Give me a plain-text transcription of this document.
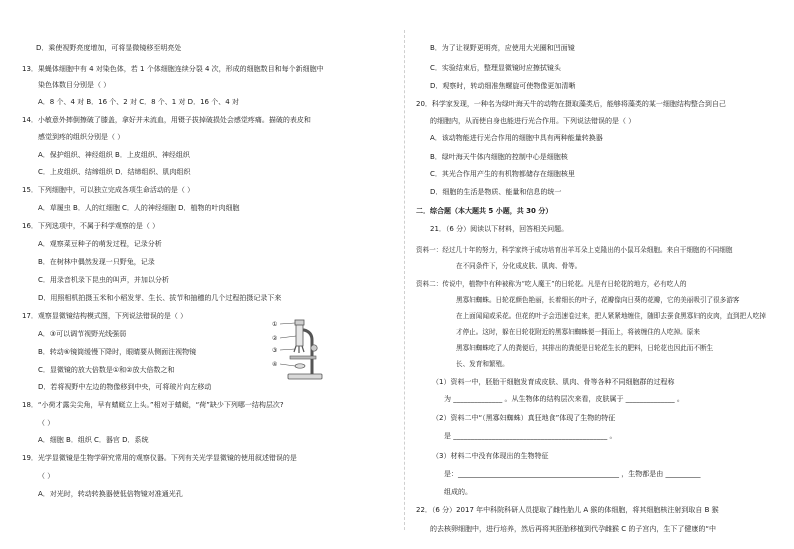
D．乘使视野亮度增加，可将显微镜移至明亮处
13．果蝇体细胞中有 4 对染色体，若 1 个体细胞连续分裂 4 次，形成的细胞数目和每个新细胞中
染色体数目分别是（ ）
A．8 个、4 对 B．16 个、2 对 C．8 个、1 对 D．16 个、4 对
14．小敏意外摔倒擦破了膝盖，拿好并未流血，用镊子拔掉破损处会感觉疼痛。描破的表皮和
感觉到疼的组织分别是（ ）
A．保护组织、神经组织 B．上皮组织、神经组织
C．上皮组织、结缔组织 D．结缔组织、肌肉组织
15．下列细胞中，可以独立完成各项生命活动的是（ ）
A．草履虫 B．人的红细胞 C．人的神经细胞 D．植物的叶肉细胞
16．下列选项中，不属于科学观察的是（ ）
A．观察菜豆种子的萌发过程，记录分析
B．在树林中偶然发现一只野兔，记录
C．用录音机录下昆虫的叫声，并加以分析
D．用照相机拍摄玉米和小稻发芽、生长、拔节和抽穗的几个过程拍摄记录下来
17．观察显微镜结构模式图，下列说法错误的是（ ）
A．③可以调节视野光线强弱
B．转动⑥镜筒缓慢下降时，眼睛要从侧面注视物镜
C．显微镜的放大倍数是①和②放大倍数之和
D．若将视野中左边的物像移到中央，可将玻片向左移动
18．“小荷才露尖尖角，早有蜻蜓立上头。”相对于蜻蜓，“荷”缺少下列哪一结构层次?
（ ）
A．细胞 B．组织 C．器官 D．系统
19．光学显微镜是生物学研究常用的观察仪器。下列有关光学显微镜的使用叙述错误的是
（ ）
A．对光时，转动转换器使低倍物镜对准通光孔
B．为了让视野更明亮，应使用大光圈和凹面镜
C．实验结束后，整理显微镜时应擦拭镜头
D．观察时，转动细准焦螺旋可使物像更加清晰
20．科学家发现，一种名为绿叶海天牛的动物在摄取藻类后，能够将藻类的某一细胞结构整合到自己
的细胞内，从而使自身也能进行光合作用。下列说法错误的是（ ）
A．该动物能进行光合作用的细胞中具有两种能量转换器
B．绿叶海天牛体内细胞的控制中心是细胞核
C．其光合作用产生的有机物都储存在细胞核里
D．细胞的生活是物质、能量和信息的统一
二．综合题（本大题共 5 小题，共 30 分）
21．（6 分）阅读以下材料，回答相关问题。
资料一：经过几十年的努力，科学家终于成功培育出羊耳朵上克隆出的小鼠耳朵细胞。来自干细胞的不同细胞
在不同条件下，分化成皮肤、肌肉、骨等。
资料二：传说中，植物中有种被称为“吃人魔王”的日轮花。凡是有日轮花的地方，必有吃人的
黑寡妇蜘蛛。日轮花颜色艳丽，长着细长的叶子，花瓣像向日葵的花瓣，它的美丽吸引了很多游客
在上面闻闻或采花。但花的叶子会迅速卷过来，把人紧紧地缠住，随即去蚕食黑寡妇的皮肉，直到把人吃掉
才停止。这时，躲在日轮花附近的黑寡妇蜘蛛便一拥而上，将被缠住的人吃掉。原来
黑寡妇蜘蛛吃了人的粪便后，其排出的粪便是日轮花生长的肥料，日轮花也因此而不断生
长、发育和繁殖。
（1）资料一中，胚胎干细胞发育成皮肤、肌肉、骨等各种不同细胞群的过程称
为 ______________ 。从生物体的结构层次来看，皮肤属于 ______________ 。
（2）资料二中“（黑寡妇蜘蛛）真狂地食”体现了生物的特征
是 ____________________________________________ 。
（3）材料二中没有体现出的生物特征
是：______________________________________________ ，生物都是由 __________
组成的。
22．（6 分）2017 年中科院科研人员提取了雌性胎儿 A 猴的体细胞，将其细胞核注射到取自 B 猴
的去核卵细胞中，进行培养，然后再将其胚胎移植到代孕雌猴 C 的子宫内，生下了健康的“中
①
②
③
④
